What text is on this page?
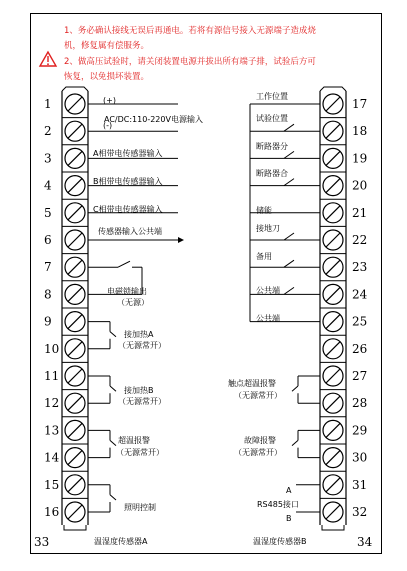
1、务必确认接线无误后再通电。若将有源信号接入无源端子造成烧
机，修复属有偿服务。
2、做高压试验时，请关闭装置电源并拔出所有端子排，试验后方可
恢复，以免损坏装置。
1
2
3
4
5
6
7
8
9
10
11
12
13
14
15
16
17
18
19
20
21
22
23
24
25
26
27
28
29
30
31
32
(+)
(-)
AC/DC:110-220V电源输入
A相带电传感器输入
B相带电传感器输入
C相带电传感器输入
传感器输入公共端
电磁锁输出
（无源）
接加热A
（无源常开）
接加热B
（无源常开）
超温报警
（无源常开）
照明控制
工作位置
试验位置
断路器分
断路器合
储能
接地刀
备用
公共端
公共端
触点超温报警
（无源常开）
故障报警
（无源常开）
A
RS485接口
B
33	温湿度传感器A	34
温湿度传感器B
